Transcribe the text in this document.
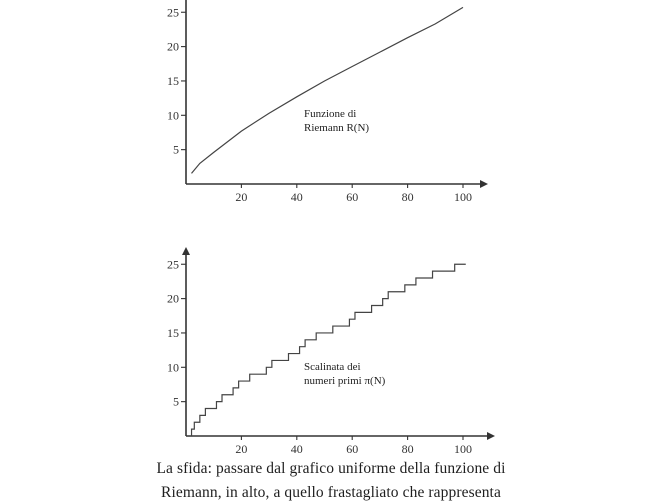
20	40	60	80	100
5
10
15
20
25
Funzione di
Riemann R(N)
20	40	60	80	100
5
10
15
20
25
Scalinata dei
numeri primi π(N)
La sfida: passare dal grafico uniforme della funzione di
Riemann, in alto, a quello frastagliato che rappresenta
